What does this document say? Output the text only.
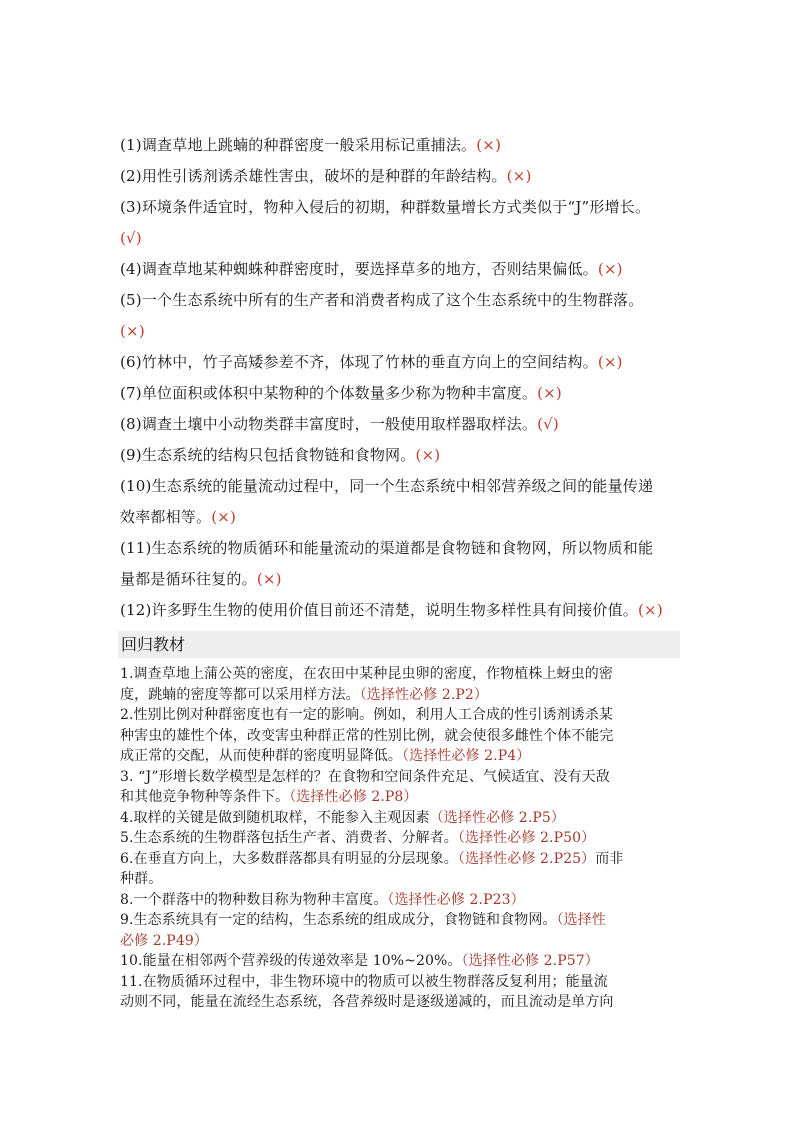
(1)调查草地上跳蝻的种群密度一般采用标记重捕法。(×)
(2)用性引诱剂诱杀雄性害虫，破坏的是种群的年龄结构。(×)
(3)环境条件适宜时，物种入侵后的初期，种群数量增长方式类似于“J”形增长。
(√)
(4)调查草地某种蜘蛛种群密度时，要选择草多的地方，否则结果偏低。(×)
(5)一个生态系统中所有的生产者和消费者构成了这个生态系统中的生物群落。
(×)
(6)竹林中，竹子高矮参差不齐，体现了竹林的垂直方向上的空间结构。(×)
(7)单位面积或体积中某物种的个体数量多少称为物种丰富度。(×)
(8)调查土壤中小动物类群丰富度时，一般使用取样器取样法。(√)
(9)生态系统的结构只包括食物链和食物网。(×)
(10)生态系统的能量流动过程中，同一个生态系统中相邻营养级之间的能量传递
效率都相等。(×)
(11)生态系统的物质循环和能量流动的渠道都是食物链和食物网，所以物质和能
量都是循环往复的。(×)
(12)许多野生生物的使用价值目前还不清楚，说明生物多样性具有间接价值。(×)
回归教材
1.调查草地上蒲公英的密度，在农田中某种昆虫卵的密度，作物植株上蚜虫的密
度，跳蝻的密度等都可以采用样方法。（选择性必修 2.P2）
2.性别比例对种群密度也有一定的影响。例如，利用人工合成的性引诱剂诱杀某
种害虫的雄性个体，改变害虫种群正常的性别比例，就会使很多雌性个体不能完
成正常的交配，从而使种群的密度明显降低。（选择性必修 2.P4）
3. “J”形增长数学模型是怎样的？在食物和空间条件充足、气候适宜、没有天敌
和其他竞争物种等条件下。（选择性必修 2.P8）
4.取样的关键是做到随机取样，不能参入主观因素（选择性必修 2.P5）
5.生态系统的生物群落包括生产者、消费者、分解者。（选择性必修 2.P50）
6.在垂直方向上，大多数群落都具有明显的分层现象。（选择性必修 2.P25）而非
种群。
8.一个群落中的物种数目称为物种丰富度。（选择性必修 2.P23）
9.生态系统具有一定的结构，生态系统的组成成分，食物链和食物网。（选择性
必修 2.P49）
10.能量在相邻两个营养级的传递效率是 10%~20%。（选择性必修 2.P57）
11.在物质循环过程中，非生物环境中的物质可以被生物群落反复利用；能量流
动则不同，能量在流经生态系统，各营养级时是逐级递减的，而且流动是单方向
